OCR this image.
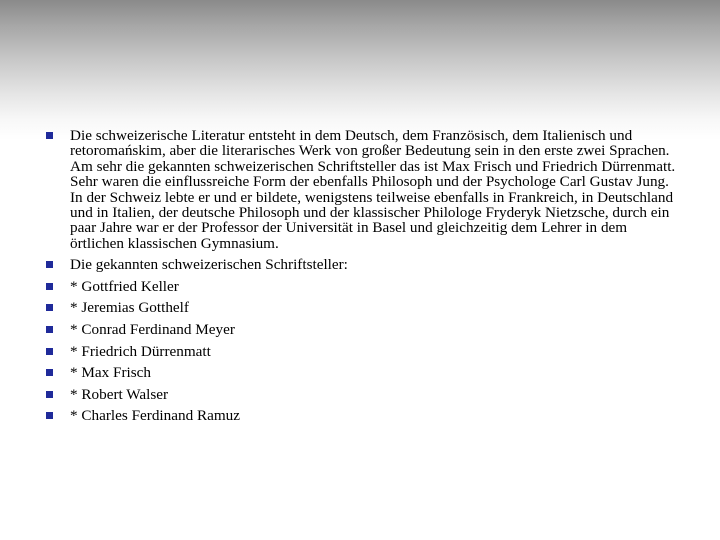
Die schweizerische Literatur entsteht in dem Deutsch, dem Französisch, dem Italienisch und retoromańskim, aber die literarisches Werk von großer Bedeutung sein in den erste zwei Sprachen. Am sehr die gekannten schweizerischen Schriftsteller das ist Max Frisch und Friedrich Dürrenmatt. Sehr waren die einflussreiche Form der ebenfalls Philosoph und der Psychologe Carl Gustav Jung. In der Schweiz lebte er und er bildete, wenigstens teilweise ebenfalls in Frankreich, in Deutschland und in Italien, der deutsche Philosoph und der klassischer Philologe Fryderyk Nietzsche, durch ein paar Jahre war er der Professor der Universität in Basel und gleichzeitig dem Lehrer in dem örtlichen klassischen Gymnasium.
Die gekannten schweizerischen Schriftsteller:
* Gottfried Keller
* Jeremias Gotthelf
* Conrad Ferdinand Meyer
* Friedrich Dürrenmatt
* Max Frisch
* Robert Walser
* Charles Ferdinand Ramuz
